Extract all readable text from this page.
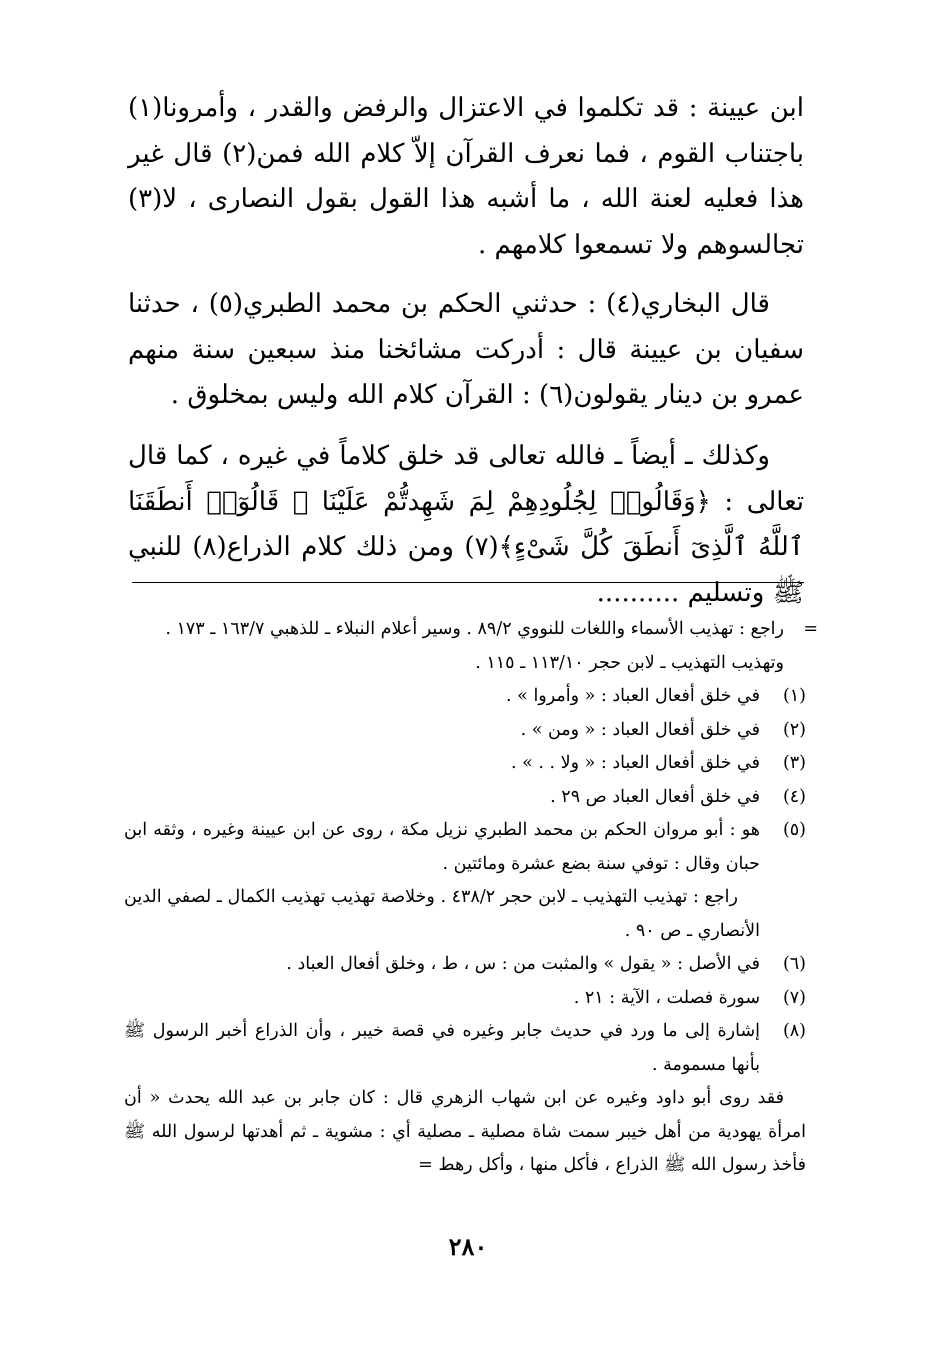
ابن عيينة : قد تكلموا في الاعتزال والرفض والقدر ، وأمرونا(١) باجتناب القوم ، فما نعرف القرآن إلاّ كلام الله فمن(٢) قال غير هذا فعليه لعنة الله ، ما أشبه هذا القول بقول النصارى ، لا(٣) تجالسوهم ولا تسمعوا كلامهم .

قال البخاري(٤) : حدثني الحكم بن محمد الطبري(٥) ، حدثنا سفيان بن عيينة قال : أدركت مشائخنا منذ سبعين سنة منهم عمرو بن دينار يقولون(٦) : القرآن كلام الله وليس بمخلوق .

وكذلك ـ أيضاً ـ فالله تعالى قد خلق كلاماً في غيره ، كما قال تعالى : ﴿وَقَالُوا۟ لِجُلُودِهِمْ لِمَ شَهِدتُّمْ عَلَيْنَا ۖ قَالُوٓا۟ أَنطَقَنَا ٱللَّهُ ٱلَّذِىٓ أَنطَقَ كُلَّ شَىْءٍ﴾(٧) ومن ذلك كلام الذراع(٨) للنبي ﷺ وتسليم ..........

=
راجع : تهذيب الأسماء واللغات للنووي ٨٩/٢ . وسير أعلام النبلاء ـ للذهبي ١٦٣/٧ ـ ١٧٣ . وتهذيب التهذيب ـ لابن حجر ١١٣/١٠ ـ ١١٥ .
(١)
في خلق أفعال العباد : « وأمروا » .
(٢)
في خلق أفعال العباد : « ومن » .
(٣)
في خلق أفعال العباد : « ولا . . » .
(٤)
في خلق أفعال العباد ص ٢٩ .
(٥)
هو : أبو مروان الحكم بن محمد الطبري نزيل مكة ، روى عن ابن عيينة وغيره ، وثقه ابن حبان وقال : توفي سنة بضع عشرة ومائتين .
راجع : تهذيب التهذيب ـ لابن حجر ٤٣٨/٢ . وخلاصة تهذيب تهذيب الكمال ـ لصفي الدين الأنصاري ـ ص ٩٠ .
(٦)
في الأصل : « يقول » والمثبت من : س ، ط ، وخلق أفعال العباد .
(٧)
سورة فصلت ، الآية : ٢١ .
(٨)
إشارة إلى ما ورد في حديث جابر وغيره في قصة خيبر ، وأن الذراع أخبر الرسول ﷺ بأنها مسمومة .
فقد روى أبو داود وغيره عن ابن شهاب الزهري قال : كان جابر بن عبد الله يحدث « أن امرأة يهودية من أهل خيبر سمت شاة مصلية ـ مصلية أي : مشوية ـ ثم أهدتها لرسول الله ﷺ فأخذ رسول الله ﷺ الذراع ، فأكل منها ، وأكل رهط =
٢٨٠
